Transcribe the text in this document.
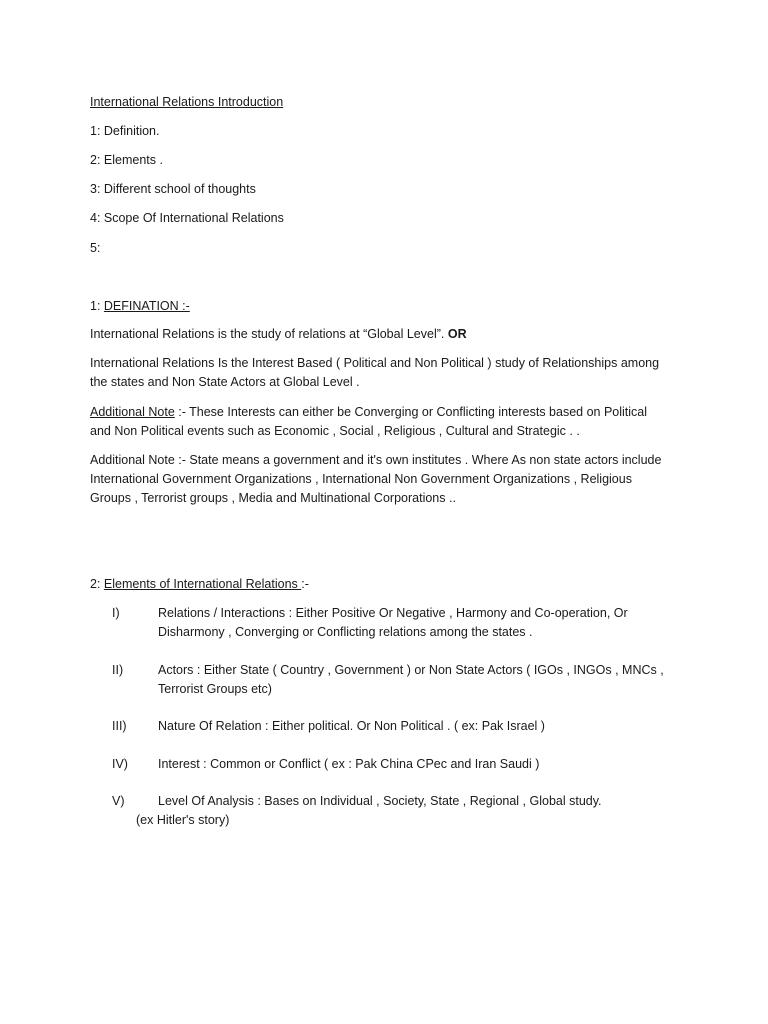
International Relations Introduction
1: Definition.
2: Elements .
3: Different school of thoughts
4: Scope Of International Relations
5:
1: DEFINATION :-
International Relations is the study of relations at “Global Level”. OR
International Relations Is the Interest Based ( Political and Non Political ) study of Relationships among
the states and Non State Actors at Global Level .
Additional Note :- These Interests can either be Converging or Conflicting interests based on Political
and Non Political events such as Economic , Social , Religious , Cultural and Strategic . .
Additional Note :- State means a government and it's own institutes . Where As non state actors include
International Government Organizations , International Non Government Organizations , Religious
Groups , Terrorist groups , Media and Multinational Corporations ..
2: Elements of International Relations :-
I)	Relations / Interactions : Either Positive Or Negative , Harmony and Co-operation, Or
Disharmony , Converging or Conflicting relations among the states .
II)	Actors : Either State ( Country , Government ) or Non State Actors ( IGOs , INGOs , MNCs ,
Terrorist Groups etc)
III)	Nature Of Relation : Either political. Or Non Political . ( ex: Pak Israel )
IV) Interest : Common or Conflict ( ex : Pak China CPec and Iran Saudi )
V)	Level Of Analysis : Bases on Individual , Society, State , Regional , Global study.
(ex Hitler's story)
